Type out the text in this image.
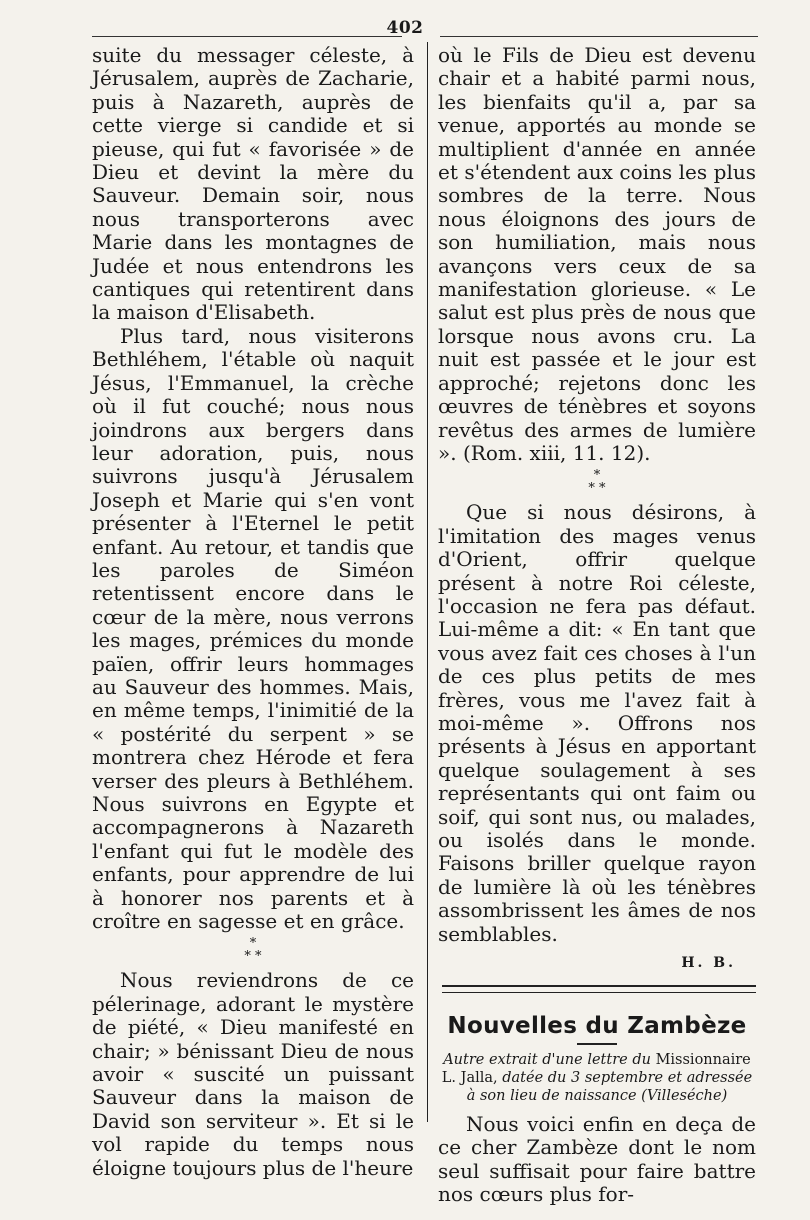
402

suite du messager céleste, à Jérusalem, auprès de Zacharie, puis à Nazareth, auprès de cette vierge si candide et si pieuse, qui fut « favorisée » de Dieu et devint la mère du Sauveur. Demain soir, nous nous transporterons avec Marie dans les montagnes de Judée et nous entendrons les cantiques qui retentirent dans la maison d'Elisabeth.

Plus tard, nous visiterons Bethléhem, l'étable où naquit Jésus, l'Emmanuel, la crèche où il fut couché; nous nous joindrons aux bergers dans leur adoration, puis, nous suivrons jusqu'à Jérusalem Joseph et Marie qui s'en vont présenter à l'Eternel le petit enfant. Au retour, et tandis que les paroles de Siméon retentissent encore dans le cœur de la mère, nous verrons les mages, prémices du monde païen, offrir leurs hommages au Sauveur des hommes. Mais, en même temps, l'inimitié de la « postérité du serpent » se montrera chez Hérode et fera verser des pleurs à Bethléhem. Nous suivrons en Egypte et accompagnerons à Nazareth l'enfant qui fut le modèle des enfants, pour apprendre de lui à honorer nos parents et à croître en sagesse et en grâce.

*
* *

Nous reviendrons de ce pélerinage, adorant le mystère de piété, « Dieu manifesté en chair; » bénissant Dieu de nous avoir « suscité un puissant Sauveur dans la maison de David son serviteur ». Et si le vol rapide du temps nous éloigne toujours plus de l'heure

où le Fils de Dieu est devenu chair et a habité parmi nous, les bienfaits qu'il a, par sa venue, apportés au monde se multiplient d'année en année et s'étendent aux coins les plus sombres de la terre. Nous nous éloignons des jours de son humiliation, mais nous avançons vers ceux de sa manifestation glorieuse. « Le salut est plus près de nous que lorsque nous avons cru. La nuit est passée et le jour est approché; rejetons donc les œuvres de ténèbres et soyons revêtus des armes de lumière ». (Rom. xiii, 11. 12).

*
* *

Que si nous désirons, à l'imitation des mages venus d'Orient, offrir quelque présent à notre Roi céleste, l'occasion ne fera pas défaut. Lui-même a dit: « En tant que vous avez fait ces choses à l'un de ces plus petits de mes frères, vous me l'avez fait à moi-même ». Offrons nos présents à Jésus en apportant quelque soulagement à ses représentants qui ont faim ou soif, qui sont nus, ou malades, ou isolés dans le monde. Faisons briller quelque rayon de lumière là où les ténèbres assombrissent les âmes de nos semblables.

H. B.
Nouvelles du Zambèze
Autre extrait d'une lettre du Missionnaire L. Jalla, datée du 3 septembre et adressée à son lieu de naissance (Villeséche)

Nous voici enfin en deça de ce cher Zambèze dont le nom seul suffisait pour faire battre nos cœurs plus for-
